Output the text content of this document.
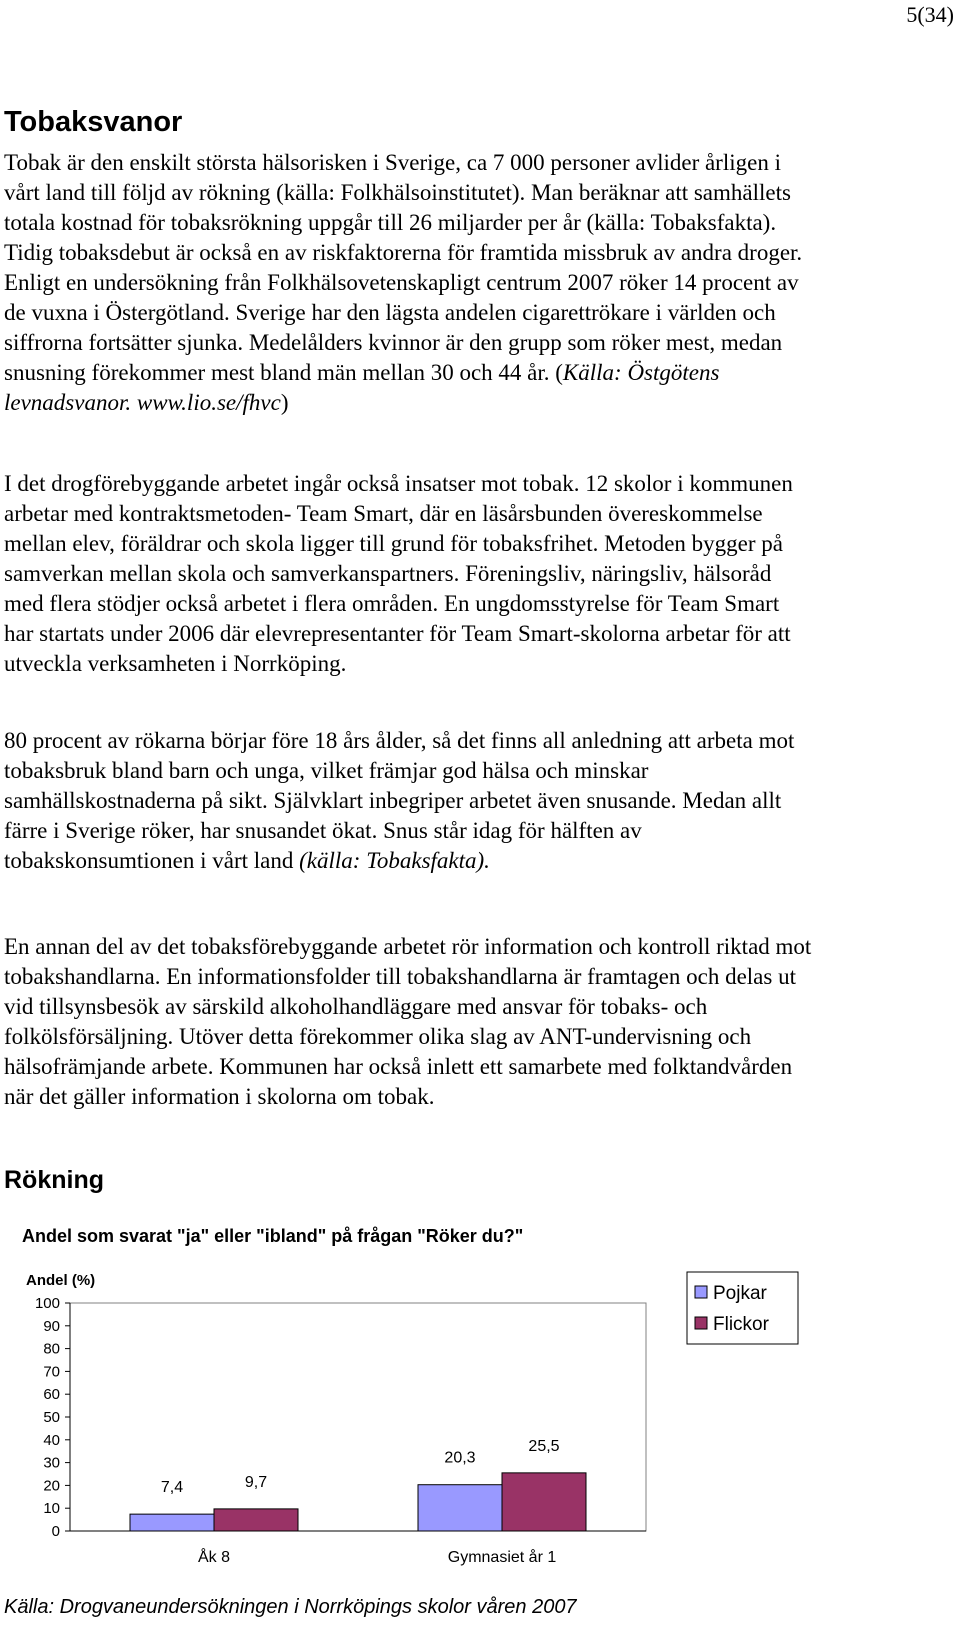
5(34)
Tobaksvanor

Tobak är den enskilt största hälsorisken i Sverige, ca 7 000 personer avlider årligen i vårt land till följd av rökning (källa: Folkhälsoinstitutet). Man beräknar att samhällets totala kostnad för tobaksrökning uppgår till 26 miljarder per år (källa: Tobaksfakta). Tidig tobaksdebut är också en av riskfaktorerna för framtida missbruk av andra droger. Enligt en undersökning från Folkhälsovetenskapligt centrum 2007 röker 14 procent av de vuxna i Östergötland. Sverige har den lägsta andelen cigarettrökare i världen och siffrorna fortsätter sjunka. Medelålders kvinnor är den grupp som röker mest, medan snusning förekommer mest bland män mellan 30 och 44 år. (Källa: Östgötens levnadsvanor. www.lio.se/fhvc)

I det drogförebyggande arbetet ingår också insatser mot tobak. 12 skolor i kommunen arbetar med kontraktsmetoden- Team Smart, där en läsårsbunden övereskommelse mellan elev, föräldrar och skola ligger till grund för tobaksfrihet. Metoden bygger på samverkan mellan skola och samverkanspartners. Föreningsliv, näringsliv, hälsoråd med flera stödjer också arbetet i flera områden. En ungdomsstyrelse för Team Smart har startats under 2006 där elevrepresentanter för Team Smart-skolorna arbetar för att utveckla verksamheten i Norrköping.

80 procent av rökarna börjar före 18 års ålder, så det finns all anledning att arbeta mot tobaksbruk bland barn och unga, vilket främjar god hälsa och minskar samhällskostnaderna på sikt. Självklart inbegriper arbetet även snusande. Medan allt färre i Sverige röker, har snusandet ökat. Snus står idag för hälften av tobakskonsumtionen i vårt land (källa: Tobaksfakta).

En annan del av det tobaksförebyggande arbetet rör information och kontroll riktad mot tobakshandlarna. En informationsfolder till tobakshandlarna är framtagen och delas ut vid tillsynsbesök av särskild alkoholhandläggare med ansvar för tobaks- och folkölsförsäljning. Utöver detta förekommer olika slag av ANT-undervisning och hälsofrämjande arbete. Kommunen har också inlett ett samarbete med folktandvården när det gäller information i skolorna om tobak.

Rökning
Andel som svarat "ja" eller "ibland" på frågan "Röker du?"
Andel (%)
0
10
20
30
40
50
60
70
80
90
100
7,4	9,7
Åk 8
20,3
25,5
Gymnasiet år 1
Pojkar
Flickor
Källa: Drogvaneundersökningen i Norrköpings skolor våren 2007
